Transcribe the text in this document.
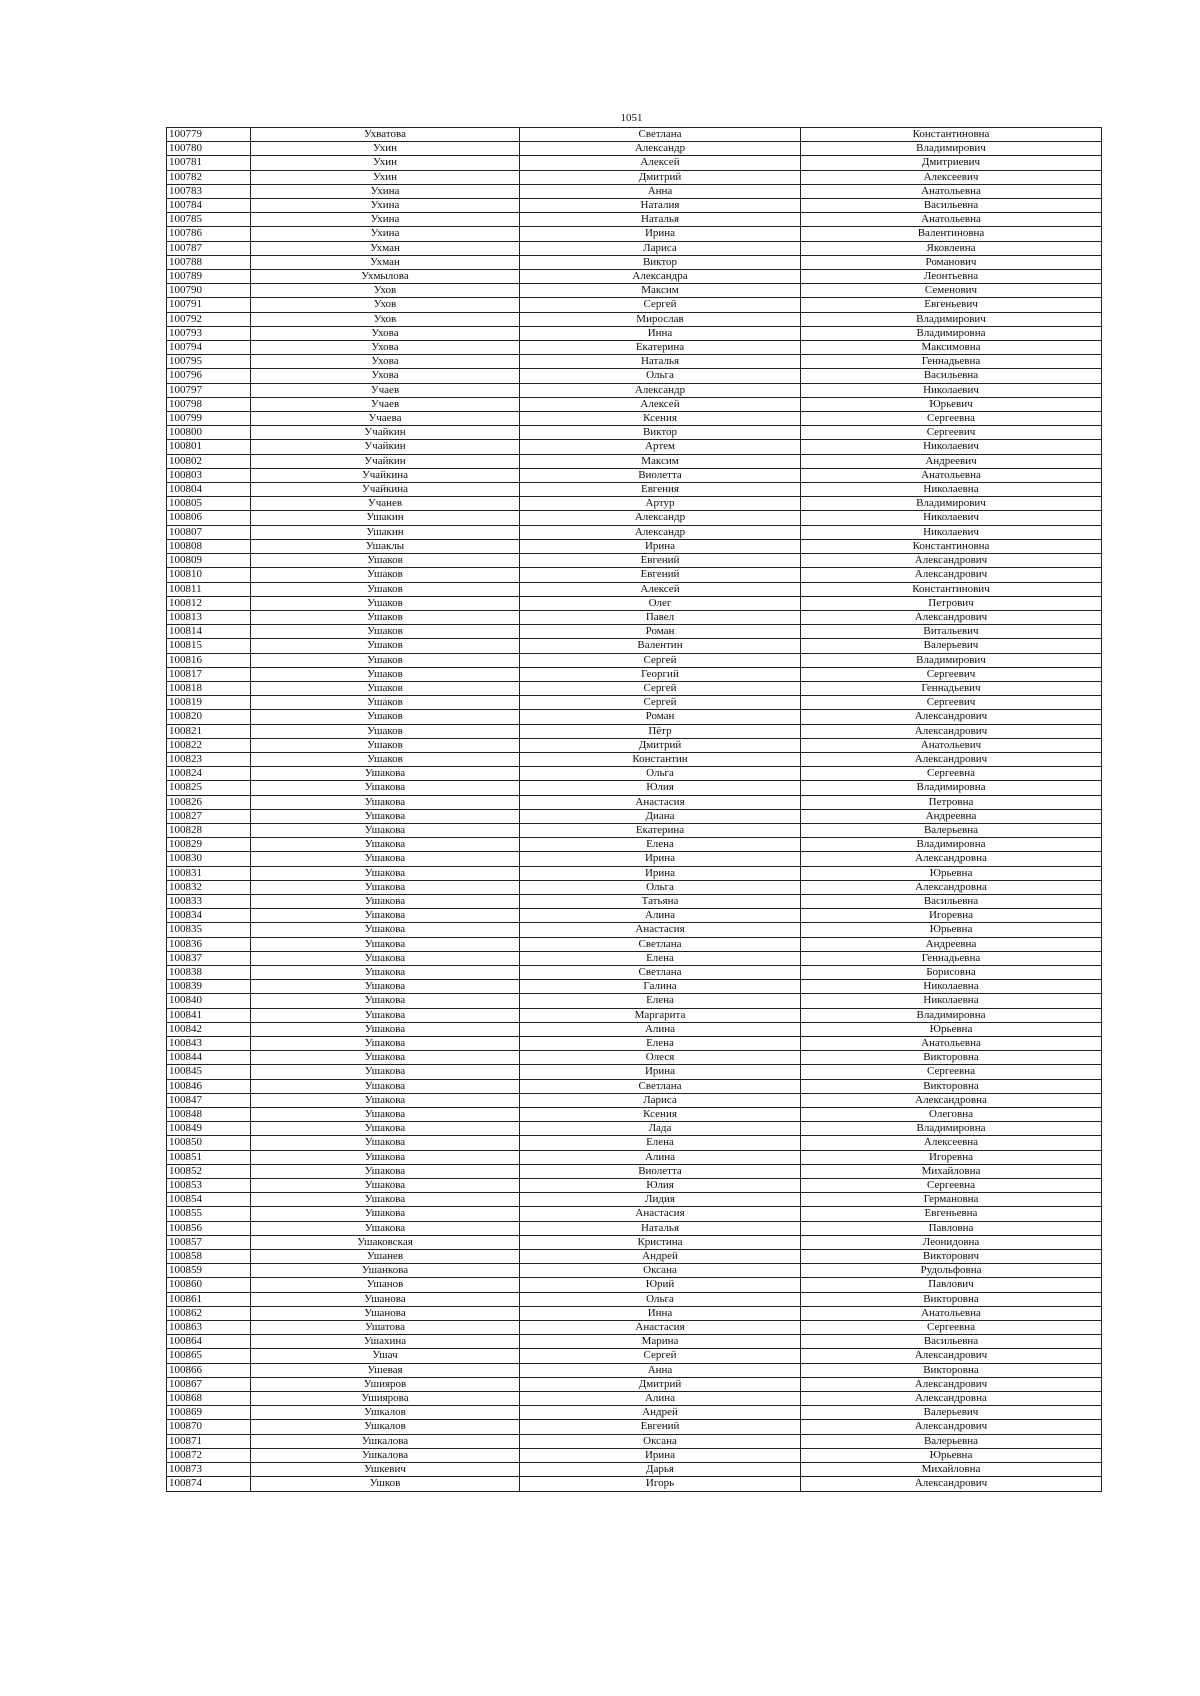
1051
100779	Ухватова	Светлана	Константиновна
100780	Ухин	Александр	Владимирович
100781	Ухин	Алексей	Дмитриевич
100782	Ухин	Дмитрий	Алексеевич
100783	Ухина	Анна	Анатольевна
100784	Ухина	Наталия	Васильевна
100785	Ухина	Наталья	Анатольевна
100786	Ухина	Ирина	Валентиновна
100787	Ухман	Лариса	Яковлевна
100788	Ухман	Виктор	Романович
100789	Ухмылова	Александра	Леонтьевна
100790	Ухов	Максим	Семенович
100791	Ухов	Сергей	Евгеньевич
100792	Ухов	Мирослав	Владимирович
100793	Ухова	Инна	Владимировна
100794	Ухова	Екатерина	Максимовна
100795	Ухова	Наталья	Геннадьевна
100796	Ухова	Ольга	Васильевна
100797	Учаев	Александр	Николаевич
100798	Учаев	Алексей	Юрьевич
100799	Учаева	Ксения	Сергеевна
100800	Учайкин	Виктор	Сергеевич
100801	Учайкин	Артем	Николаевич
100802	Учайкин	Максим	Андреевич
100803	Учайкина	Виолетта	Анатольевна
100804	Учайкина	Евгения	Николаевна
100805	Учанев	Артур	Владимирович
100806	Ушакин	Александр	Николаевич
100807	Ушакин	Александр	Николаевич
100808	Ушаклы	Ирина	Константиновна
100809	Ушаков	Евгений	Александрович
100810	Ушаков	Евгений	Александрович
100811	Ушаков	Алексей	Константинович
100812	Ушаков	Олег	Петрович
100813	Ушаков	Павел	Александрович
100814	Ушаков	Роман	Витальевич
100815	Ушаков	Валентин	Валерьевич
100816	Ушаков	Сергей	Владимирович
100817	Ушаков	Георгий	Сергеевич
100818	Ушаков	Сергей	Геннадьевич
100819	Ушаков	Сергей	Сергеевич
100820	Ушаков	Роман	Александрович
100821	Ушаков	Пётр	Александрович
100822	Ушаков	Дмитрий	Анатольевич
100823	Ушаков	Константин	Александрович
100824	Ушакова	Ольга	Сергеевна
100825	Ушакова	Юлия	Владимировна
100826	Ушакова	Анастасия	Петровна
100827	Ушакова	Диана	Андреевна
100828	Ушакова	Екатерина	Валерьевна
100829	Ушакова	Елена	Владимировна
100830	Ушакова	Ирина	Александровна
100831	Ушакова	Ирина	Юрьевна
100832	Ушакова	Ольга	Александровна
100833	Ушакова	Татьяна	Васильевна
100834	Ушакова	Алина	Игоревна
100835	Ушакова	Анастасия	Юрьевна
100836	Ушакова	Светлана	Андреевна
100837	Ушакова	Елена	Геннадьевна
100838	Ушакова	Светлана	Борисовна
100839	Ушакова	Галина	Николаевна
100840	Ушакова	Елена	Николаевна
100841	Ушакова	Маргарита	Владимировна
100842	Ушакова	Алина	Юрьевна
100843	Ушакова	Елена	Анатольевна
100844	Ушакова	Олеся	Викторовна
100845	Ушакова	Ирина	Сергеевна
100846	Ушакова	Светлана	Викторовна
100847	Ушакова	Лариса	Александровна
100848	Ушакова	Ксения	Олеговна
100849	Ушакова	Лада	Владимировна
100850	Ушакова	Елена	Алексеевна
100851	Ушакова	Алина	Игоревна
100852	Ушакова	Виолетта	Михайловна
100853	Ушакова	Юлия	Сергеевна
100854	Ушакова	Лидия	Германовна
100855	Ушакова	Анастасия	Евгеньевна
100856	Ушакова	Наталья	Павловна
100857	Ушаковская	Кристина	Леонидовна
100858	Ушанев	Андрей	Викторович
100859	Ушанкова	Оксана	Рудольфовна
100860	Ушанов	Юрий	Павлович
100861	Ушанова	Ольга	Викторовна
100862	Ушанова	Инна	Анатольевна
100863	Ушатова	Анастасия	Сергеевна
100864	Ушахина	Марина	Васильевна
100865	Ушач	Сергей	Александрович
100866	Ушевая	Анна	Викторовна
100867	Ушияров	Дмитрий	Александрович
100868	Ушиярова	Алина	Александровна
100869	Ушкалов	Андрей	Валерьевич
100870	Ушкалов	Евгений	Александрович
100871	Ушкалова	Оксана	Валерьевна
100872	Ушкалова	Ирина	Юрьевна
100873	Ушкевич	Дарья	Михайловна
100874	Ушков	Игорь	Александрович
